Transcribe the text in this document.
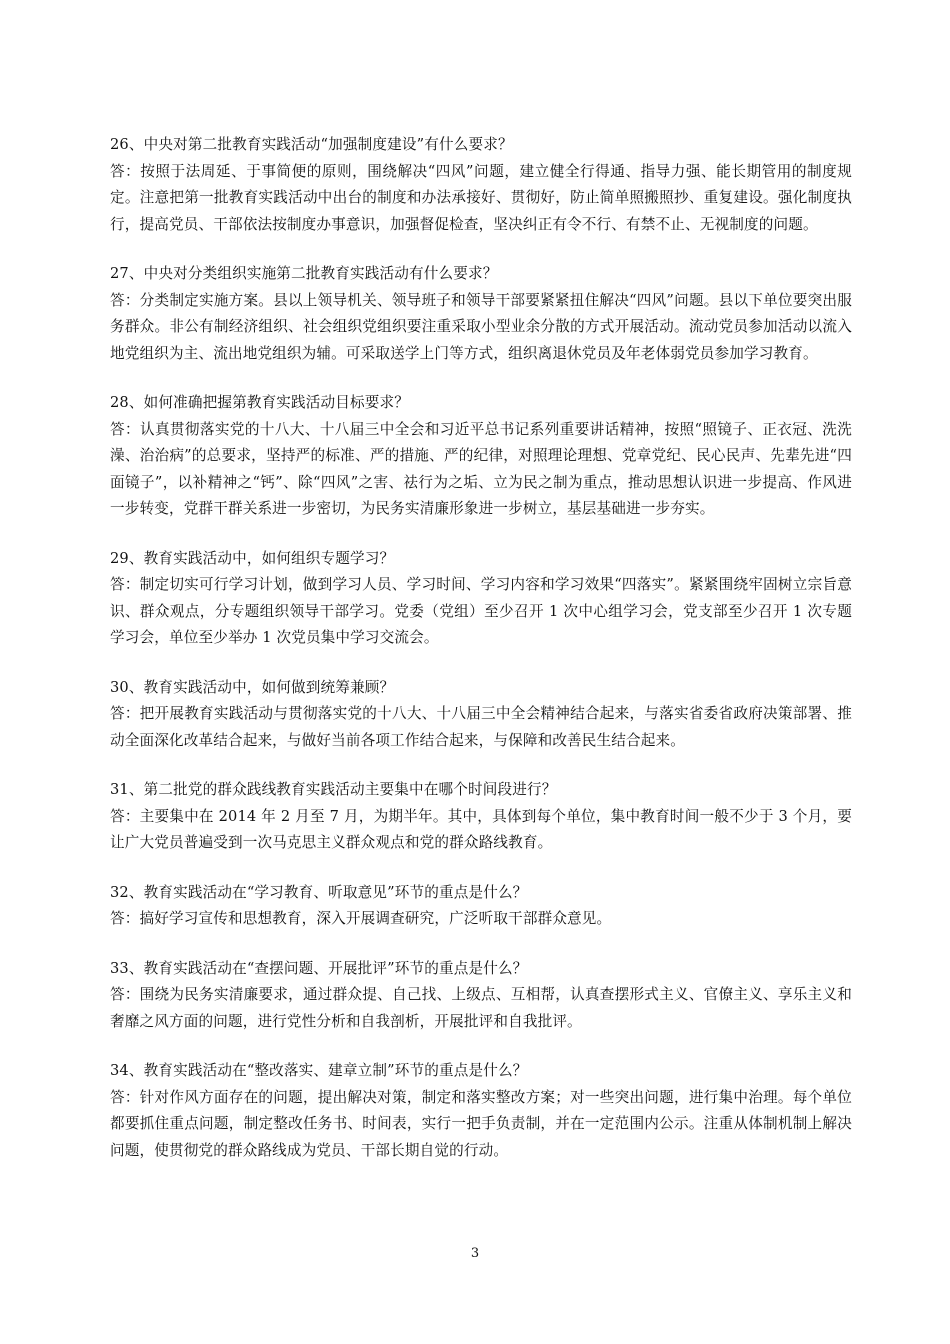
26、中央对第二批教育实践活动“加强制度建设”有什么要求？

答：按照于法周延、于事简便的原则，围绕解决“四风”问题，建立健全行得通、指导力强、能长期管用的制度规定。注意把第一批教育实践活动中出台的制度和办法承接好、贯彻好，防止简单照搬照抄、重复建设。强化制度执行，提高党员、干部依法按制度办事意识，加强督促检查，坚决纠正有令不行、有禁不止、无视制度的问题。

27、中央对分类组织实施第二批教育实践活动有什么要求？

答：分类制定实施方案。县以上领导机关、领导班子和领导干部要紧紧扭住解决“四风”问题。县以下单位要突出服务群众。非公有制经济组织、社会组织党组织要注重采取小型业余分散的方式开展活动。流动党员参加活动以流入地党组织为主、流出地党组织为辅。可采取送学上门等方式，组织离退休党员及年老体弱党员参加学习教育。

28、如何准确把握第教育实践活动目标要求？

答：认真贯彻落实党的十八大、十八届三中全会和习近平总书记系列重要讲话精神，按照“照镜子、正衣冠、洗洗澡、治治病”的总要求，坚持严的标准、严的措施、严的纪律，对照理论理想、党章党纪、民心民声、先辈先进“四面镜子”，以补精神之“钙”、除“四风”之害、祛行为之垢、立为民之制为重点，推动思想认识进一步提高、作风进一步转变，党群干群关系进一步密切，为民务实清廉形象进一步树立，基层基础进一步夯实。

29、教育实践活动中，如何组织专题学习？

答：制定切实可行学习计划，做到学习人员、学习时间、学习内容和学习效果“四落实”。紧紧围绕牢固树立宗旨意识、群众观点，分专题组织领导干部学习。党委（党组）至少召开 1 次中心组学习会，党支部至少召开 1 次专题学习会，单位至少举办 1 次党员集中学习交流会。

30、教育实践活动中，如何做到统筹兼顾？

答：把开展教育实践活动与贯彻落实党的十八大、十八届三中全会精神结合起来，与落实省委省政府决策部署、推动全面深化改革结合起来，与做好当前各项工作结合起来，与保障和改善民生结合起来。

31、第二批党的群众践线教育实践活动主要集中在哪个时间段进行？

答：主要集中在 2014 年 2 月至 7 月，为期半年。其中，具体到每个单位，集中教育时间一般不少于 3 个月，要让广大党员普遍受到一次马克思主义群众观点和党的群众路线教育。

32、教育实践活动在“学习教育、听取意见”环节的重点是什么？

答：搞好学习宣传和思想教育，深入开展调查研究，广泛听取干部群众意见。

33、教育实践活动在“查摆问题、开展批评”环节的重点是什么？

答：围绕为民务实清廉要求，通过群众提、自己找、上级点、互相帮，认真查摆形式主义、官僚主义、享乐主义和奢靡之风方面的问题，进行党性分析和自我剖析，开展批评和自我批评。

34、教育实践活动在“整改落实、建章立制”环节的重点是什么？

答：针对作风方面存在的问题，提出解决对策，制定和落实整改方案；对一些突出问题，进行集中治理。每个单位都要抓住重点问题，制定整改任务书、时间表，实行一把手负责制，并在一定范围内公示。注重从体制机制上解决问题，使贯彻党的群众路线成为党员、干部长期自觉的行动。

3
